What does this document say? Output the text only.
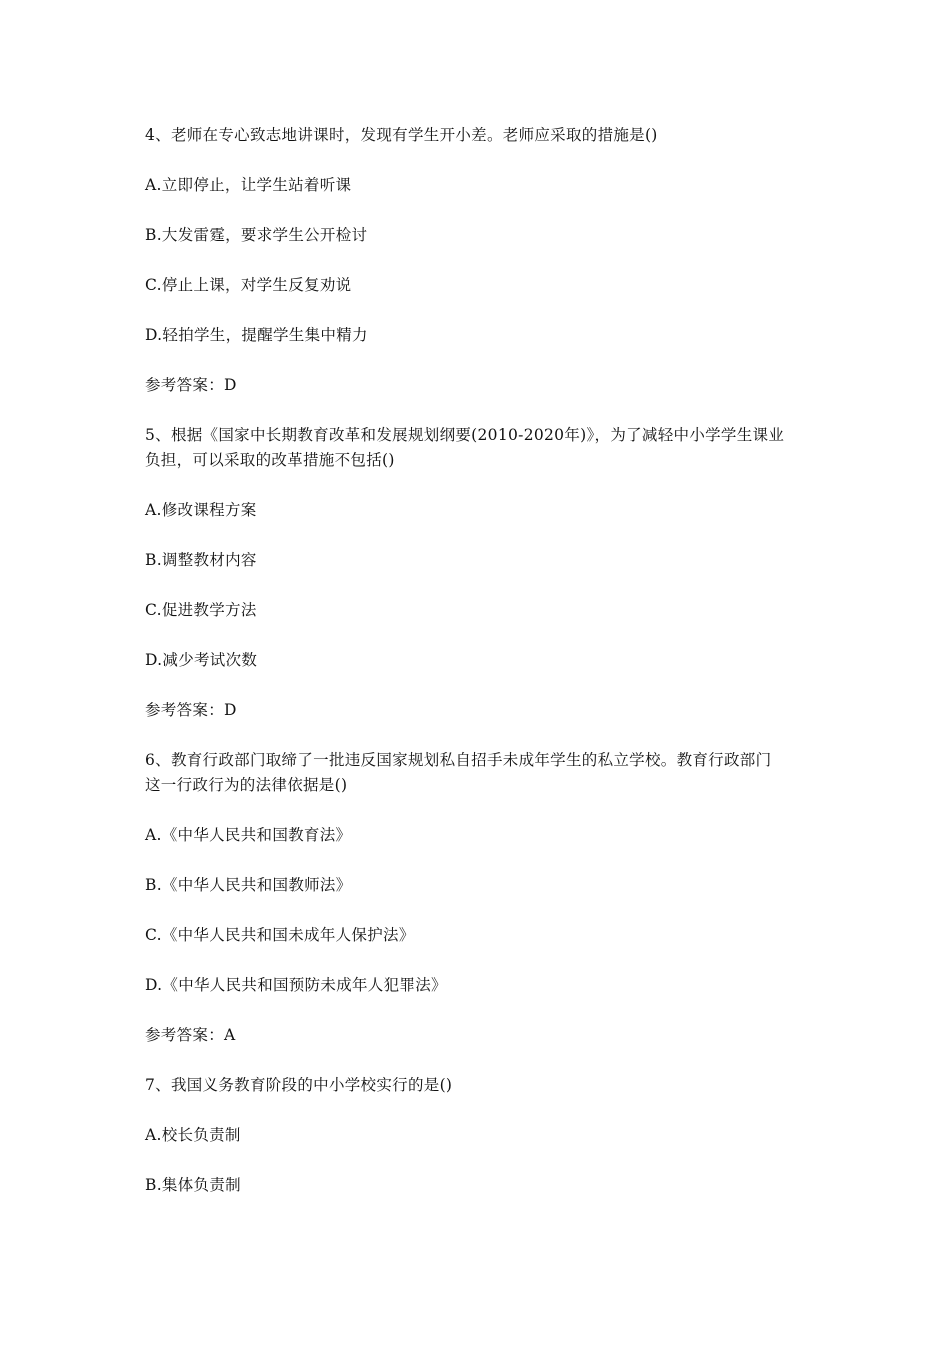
4、老师在专心致志地讲课时，发现有学生开小差。老师应采取的措施是()
A.立即停止，让学生站着听课
B.大发雷霆，要求学生公开检讨
C.停止上课，对学生反复劝说
D.轻拍学生，提醒学生集中精力
参考答案：D
5、根据《国家中长期教育改革和发展规划纲要(2010-2020年)》，为了减轻中小学学生课业
负担，可以采取的改革措施不包括()
A.修改课程方案
B.调整教材内容
C.促进教学方法
D.减少考试次数
参考答案：D
6、教育行政部门取缔了一批违反国家规划私自招手未成年学生的私立学校。教育行政部门
这一行政行为的法律依据是()
A.《中华人民共和国教育法》
B.《中华人民共和国教师法》
C.《中华人民共和国未成年人保护法》
D.《中华人民共和国预防未成年人犯罪法》
参考答案：A
7、我国义务教育阶段的中小学校实行的是()
A.校长负责制
B.集体负责制
